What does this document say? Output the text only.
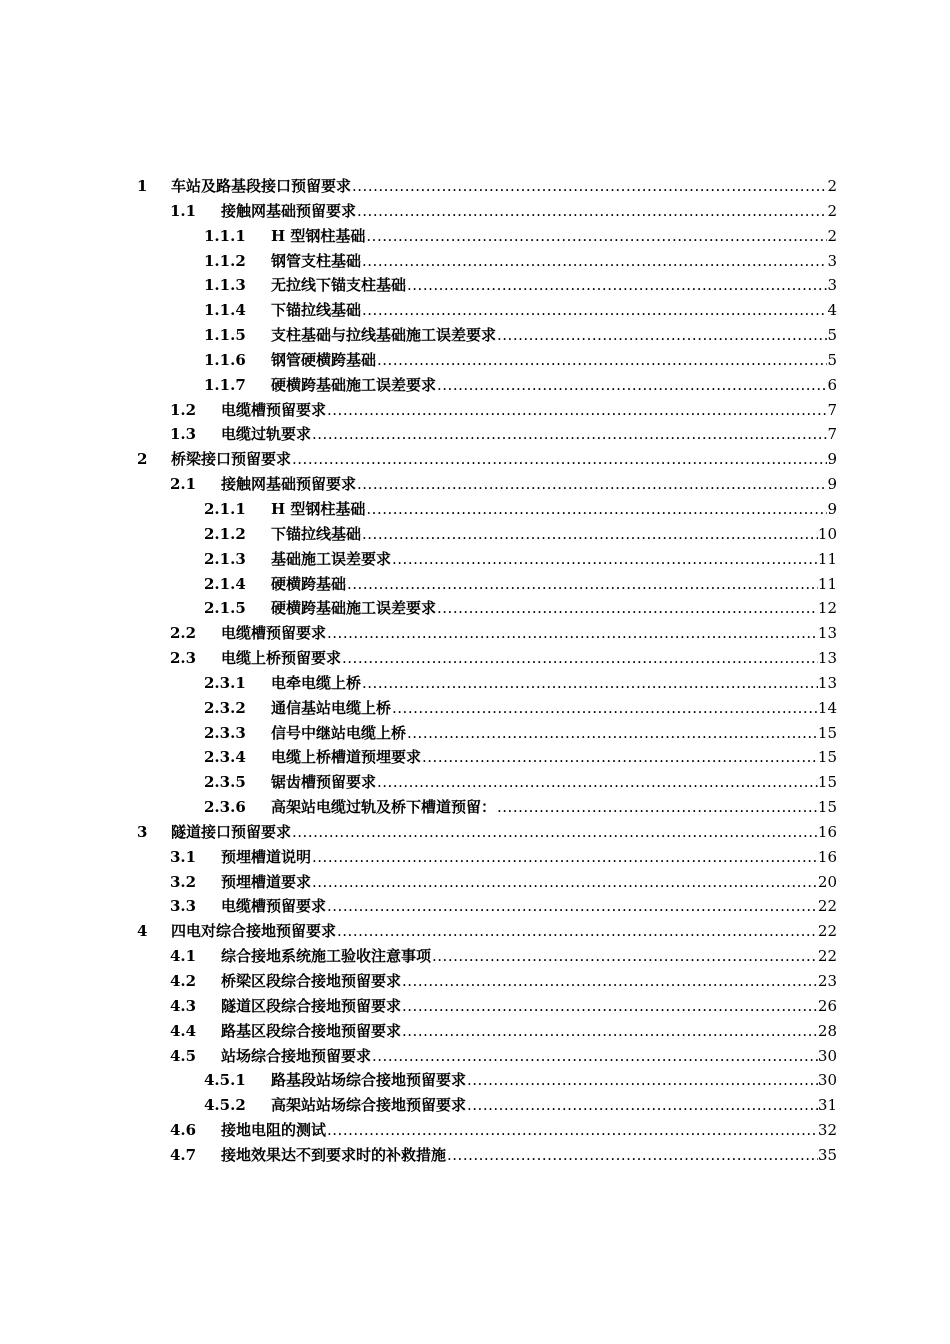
1 车站及路基段接口预留要求 .....	2
1.1 接触网基础预留要求 .....	2
1.1.1 H 型钢柱基础 .....	2
1.1.2 钢管支柱基础 .....	3
1.1.3 无拉线下锚支柱基础 .....	3
1.1.4 下锚拉线基础 .....	4
1.1.5 支柱基础与拉线基础施工误差要求 .....	5
1.1.6 钢管硬横跨基础 .....	5
1.1.7 硬横跨基础施工误差要求 .....	6
1.2 电缆槽预留要求 .....	7
1.3 电缆过轨要求 .....	7
2 桥梁接口预留要求 .....	9
2.1 接触网基础预留要求 .....	9
2.1.1 H 型钢柱基础 .....	9
2.1.2 下锚拉线基础 .....	10
2.1.3 基础施工误差要求 .....	11
2.1.4 硬横跨基础 .....	11
2.1.5 硬横跨基础施工误差要求 .....	12
2.2 电缆槽预留要求 .....	13
2.3 电缆上桥预留要求 .....	13
2.3.1 电牵电缆上桥 .....	13
2.3.2 通信基站电缆上桥 .....	14
2.3.3 信号中继站电缆上桥 .....	15
2.3.4 电缆上桥槽道预埋要求 .....	15
2.3.5 锯齿槽预留要求 .....	15
2.3.6 高架站电缆过轨及桥下槽道预留： .....	15
3 隧道接口预留要求 .....	16
3.1 预埋槽道说明 .....	16
3.2 预埋槽道要求 .....	20
3.3 电缆槽预留要求 .....	22
4 四电对综合接地预留要求 .....	22
4.1 综合接地系统施工验收注意事项 .....	22
4.2 桥梁区段综合接地预留要求 .....	23
4.3 隧道区段综合接地预留要求 .....	26
4.4 路基区段综合接地预留要求 .....	28
4.5 站场综合接地预留要求 .....	30
4.5.1 路基段站场综合接地预留要求 .....	30
4.5.2 高架站站场综合接地预留要求 .....	31
4.6 接地电阻的测试 .....	32
4.7 接地效果达不到要求时的补救措施 .....	35
